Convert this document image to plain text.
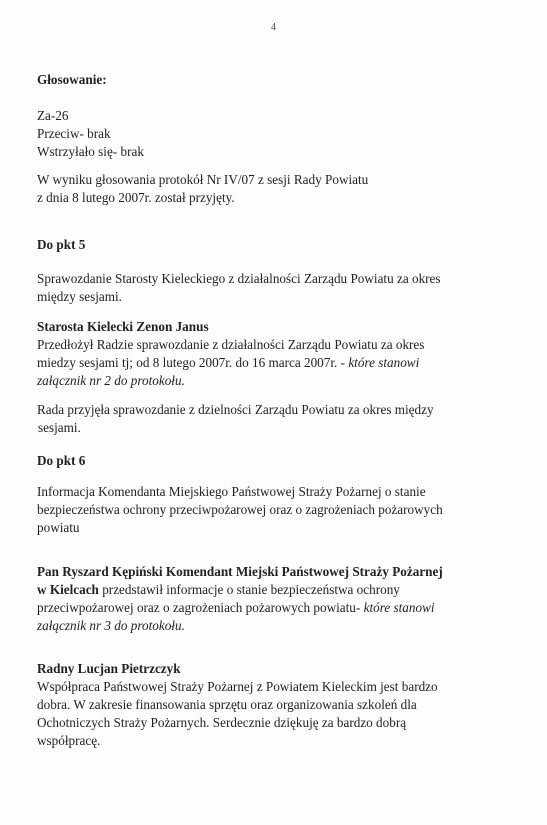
4
Głosowanie:
Za-26
Przeciw- brak
Wstrzyłało się- brak
W wyniku głosowania protokół Nr IV/07 z sesji Rady Powiatu
z dnia 8 lutego 2007r. został przyjęty.
Do pkt 5
Sprawozdanie Starosty Kieleckiego z działalności Zarządu Powiatu za okres
między sesjami.
Starosta Kielecki Zenon Janus
Przedłożył Radzie sprawozdanie z działalności Zarządu Powiatu za okres
miedzy sesjami tj; od 8 lutego 2007r. do 16 marca 2007r. - które stanowi
załącznik nr 2 do protokołu.
Rada przyjęła sprawozdanie z dzielności Zarządu Powiatu za okres między
sesjami.
Do pkt 6
Informacja Komendanta Miejskiego Państwowej Straży Pożarnej o stanie
bezpieczeństwa ochrony przeciwpożarowej oraz o zagrożeniach pożarowych
powiatu
Pan Ryszard Kępiński Komendant Miejski Państwowej Straży Pożarnej
w Kielcach przedstawił informacje o stanie bezpieczeństwa ochrony
przeciwpożarowej oraz o zagrożeniach pożarowych powiatu- które stanowi
załącznik nr 3 do protokołu.
Radny Lucjan Pietrzczyk
Współpraca Państwowej Straży Pożarnej z Powiatem Kieleckim jest bardzo
dobra. W zakresie finansowania sprzętu oraz organizowania szkoleń dla
Ochotniczych Straży Pożarnych. Serdecznie dziękuję za bardzo dobrą
współpracę.
